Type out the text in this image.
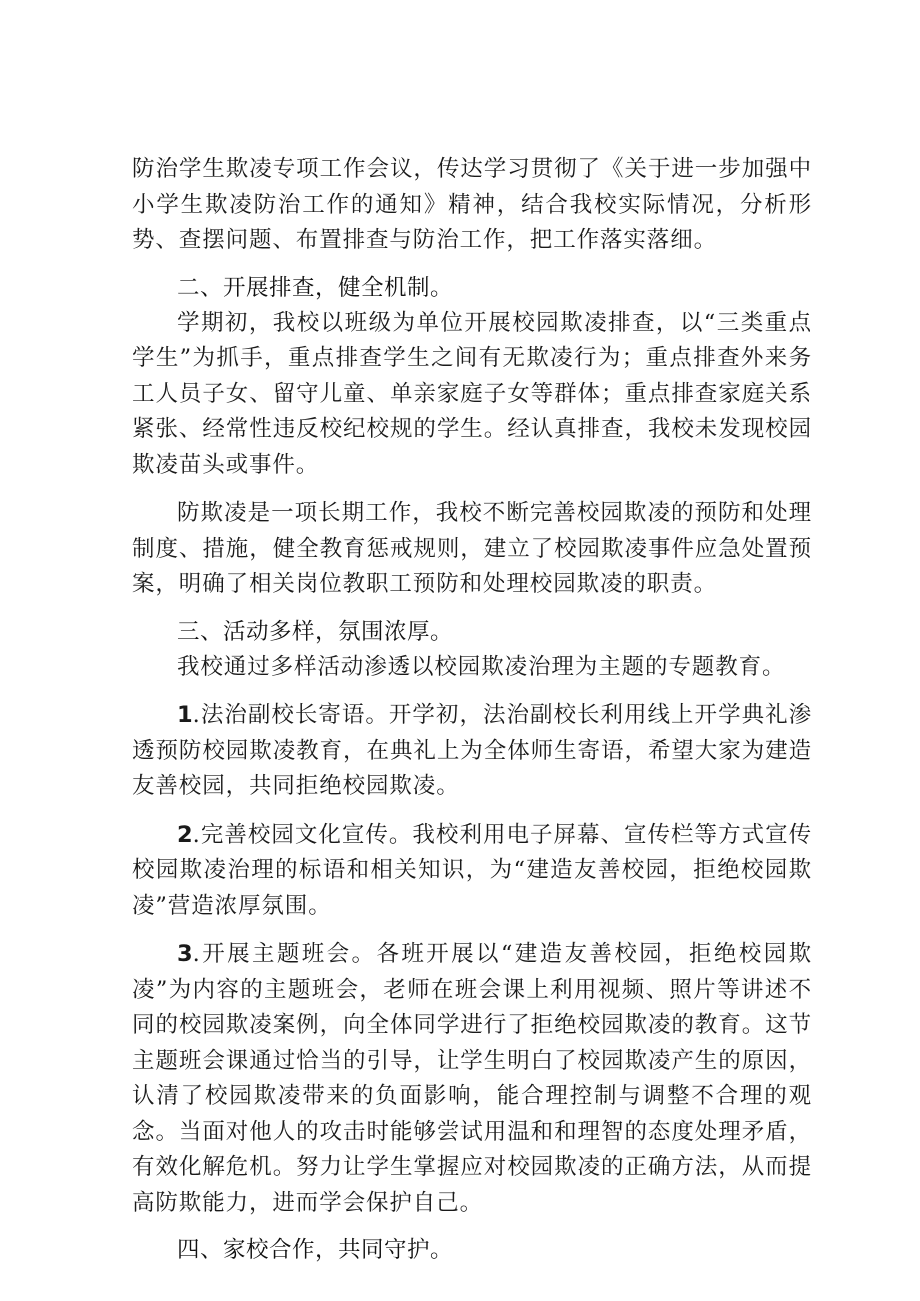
防治学生欺凌专项工作会议，传达学习贯彻了《关于进一步加强中小学生欺凌防治工作的通知》精神，结合我校实际情况，分析形势、查摆问题、布置排查与防治工作，把工作落实落细。

二、开展排查，健全机制。

学期初，我校以班级为单位开展校园欺凌排查，以“三类重点学生”为抓手，重点排查学生之间有无欺凌行为；重点排查外来务工人员子女、留守儿童、单亲家庭子女等群体；重点排查家庭关系紧张、经常性违反校纪校规的学生。经认真排查，我校未发现校园欺凌苗头或事件。

防欺凌是一项长期工作，我校不断完善校园欺凌的预防和处理制度、措施，健全教育惩戒规则，建立了校园欺凌事件应急处置预案，明确了相关岗位教职工预防和处理校园欺凌的职责。

三、活动多样，氛围浓厚。

我校通过多样活动渗透以校园欺凌治理为主题的专题教育。

1.法治副校长寄语。开学初，法治副校长利用线上开学典礼渗透预防校园欺凌教育，在典礼上为全体师生寄语，希望大家为建造友善校园，共同拒绝校园欺凌。

2.完善校园文化宣传。我校利用电子屏幕、宣传栏等方式宣传校园欺凌治理的标语和相关知识，为“建造友善校园，拒绝校园欺凌”营造浓厚氛围。

3.开展主题班会。各班开展以“建造友善校园，拒绝校园欺凌”为内容的主题班会，老师在班会课上利用视频、照片等讲述不同的校园欺凌案例，向全体同学进行了拒绝校园欺凌的教育。这节主题班会课通过恰当的引导，让学生明白了校园欺凌产生的原因，认清了校园欺凌带来的负面影响，能合理控制与调整不合理的观念。当面对他人的攻击时能够尝试用温和和理智的态度处理矛盾，有效化解危机。努力让学生掌握应对校园欺凌的正确方法，从而提高防欺能力，进而学会保护自己。

四、家校合作，共同守护。
